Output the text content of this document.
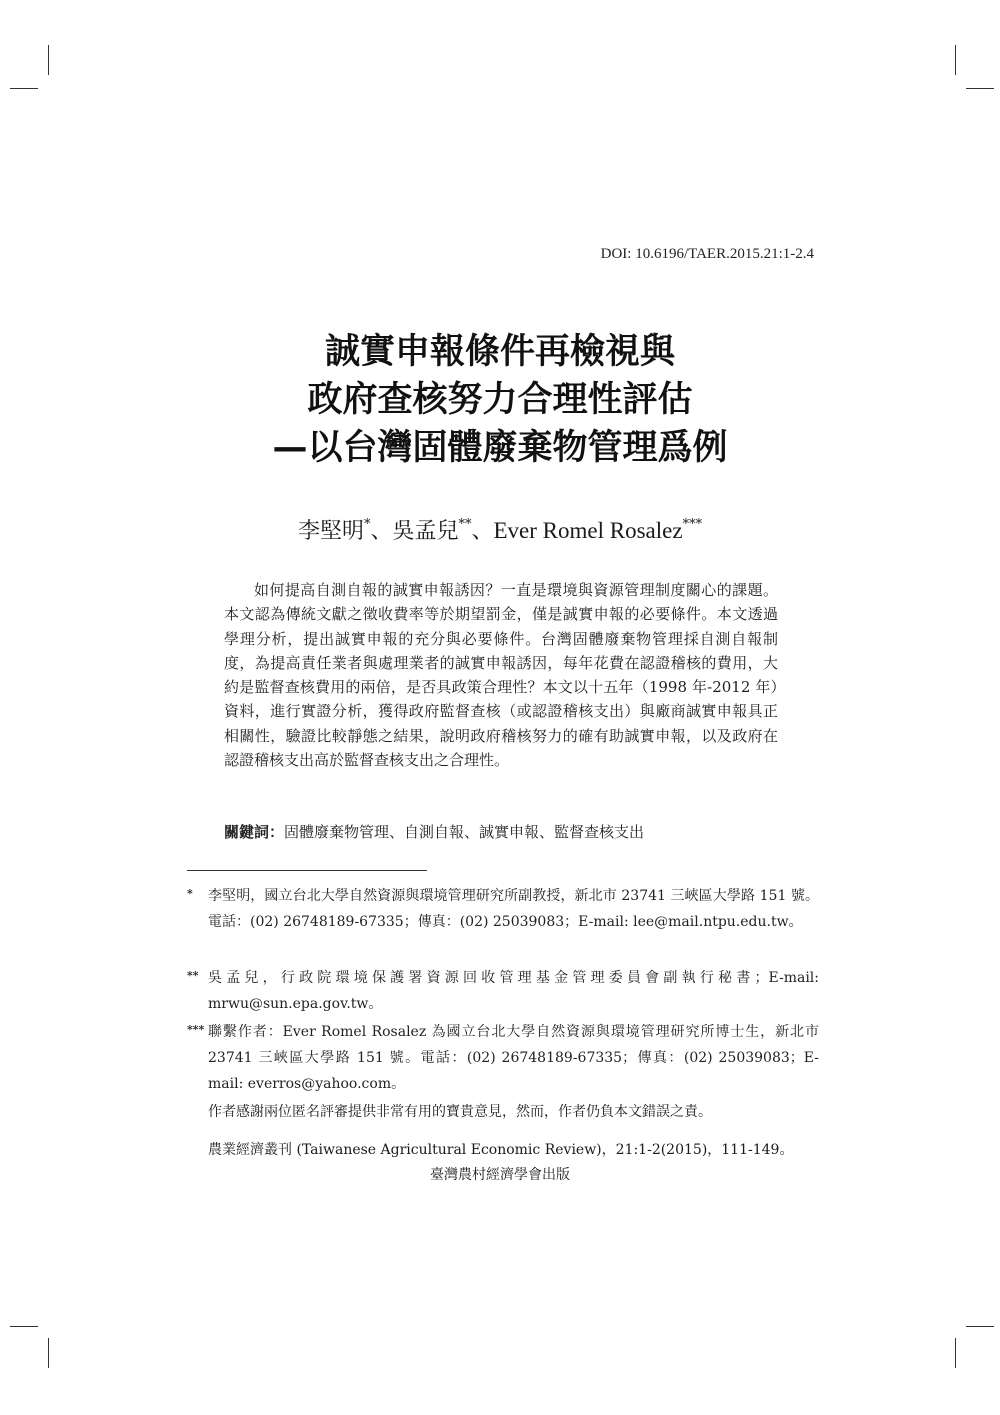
DOI: 10.6196/TAER.2015.21:1-2.4
誠實申報條件再檢視與
政府查核努力合理性評估
—以台灣固體廢棄物管理爲例
李堅明*、吳孟兒**、Ever Romel Rosalez***
如何提高自測自報的誠實申報誘因？一直是環境與資源管理制度關心的課題。本文認為傳統文獻之徵收費率等於期望罰金，僅是誠實申報的必要條件。本文透過學理分析，提出誠實申報的充分與必要條件。台灣固體廢棄物管理採自測自報制度，為提高責任業者與處理業者的誠實申報誘因，每年花費在認證稽核的費用，大約是監督查核費用的兩倍，是否具政策合理性？本文以十五年（1998 年-2012 年）資料，進行實證分析，獲得政府監督查核（或認證稽核支出）與廠商誠實申報具正相關性，驗證比較靜態之結果，說明政府稽核努力的確有助誠實申報，以及政府在認證稽核支出高於監督查核支出之合理性。
關鍵詞：固體廢棄物管理、自測自報、誠實申報、監督查核支出
* 李堅明，國立台北大學自然資源與環境管理研究所副教授，新北市 23741 三峽區大學路 151 號。電話：(02) 26748189-67335；傳真：(02) 25039083；E-mail: lee@mail.ntpu.edu.tw。
** 吳孟兒，行政院環境保護署資源回收管理基金管理委員會副執行秘書；E-mail: mrwu@sun.epa.gov.tw。
*** 聯繫作者：Ever Romel Rosalez 為國立台北大學自然資源與環境管理研究所博士生，新北市 23741 三峽區大學路 151 號。電話：(02) 26748189-67335；傳真：(02) 25039083；E-mail: everros@yahoo.com。
作者感謝兩位匿名評審提供非常有用的寶貴意見，然而，作者仍負本文錯誤之責。
農業經濟叢刊 (Taiwanese Agricultural Economic Review)，21:1-2(2015)，111-149。
臺灣農村經濟學會出版
